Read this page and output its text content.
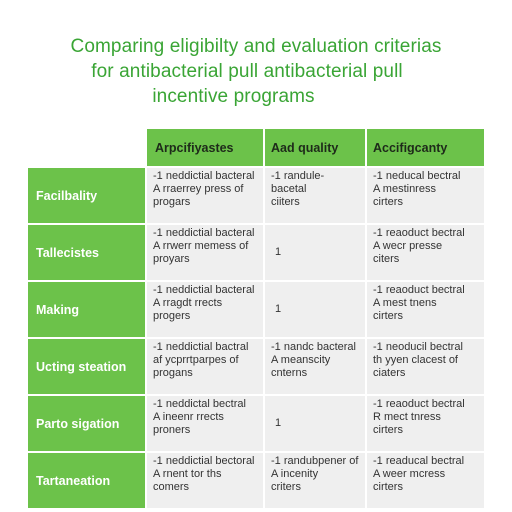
Comparing eligibilty and evaluation criterias
for antibacterial pull antibacterial pull
incentive programs
	Arpcifiyastes	Aad quality	Accifigcanty
Facilbality	-1 neddictial bacteral
A rraerrey press of
progars	-1 randule-bacetal
ciiters	-1 neducal bectral
A mestinress
cirters
Tallecistes	-1 neddictial bacteral
A rrwerr memess of
proyars	1	-1 reaoduct bectral
A wecr presse
citers
Making	-1 neddictial bacteral
A rragdt rrects
progers	1	-1 reaoduct bectral
A mest tnens
cirters
Ucting steation	-1 neddictial bactral
af ycprrtparpes of
progans	-1 nandc bacteral
A meanscity
cnterns	-1 neoducil bectral
th yyen clacest of
ciaters
Parto sigation	-1 neddictal bectral
A ineenr rrects
proners	1	-1 reaoduct bectral
R mect tnress
cirters
Tartaneation	-1 neddictial bectoral
A rnent tor ths
comers	-1 randubpener of
A incenity
criters	-1 readucal bectral
A weer mcress
cirters
